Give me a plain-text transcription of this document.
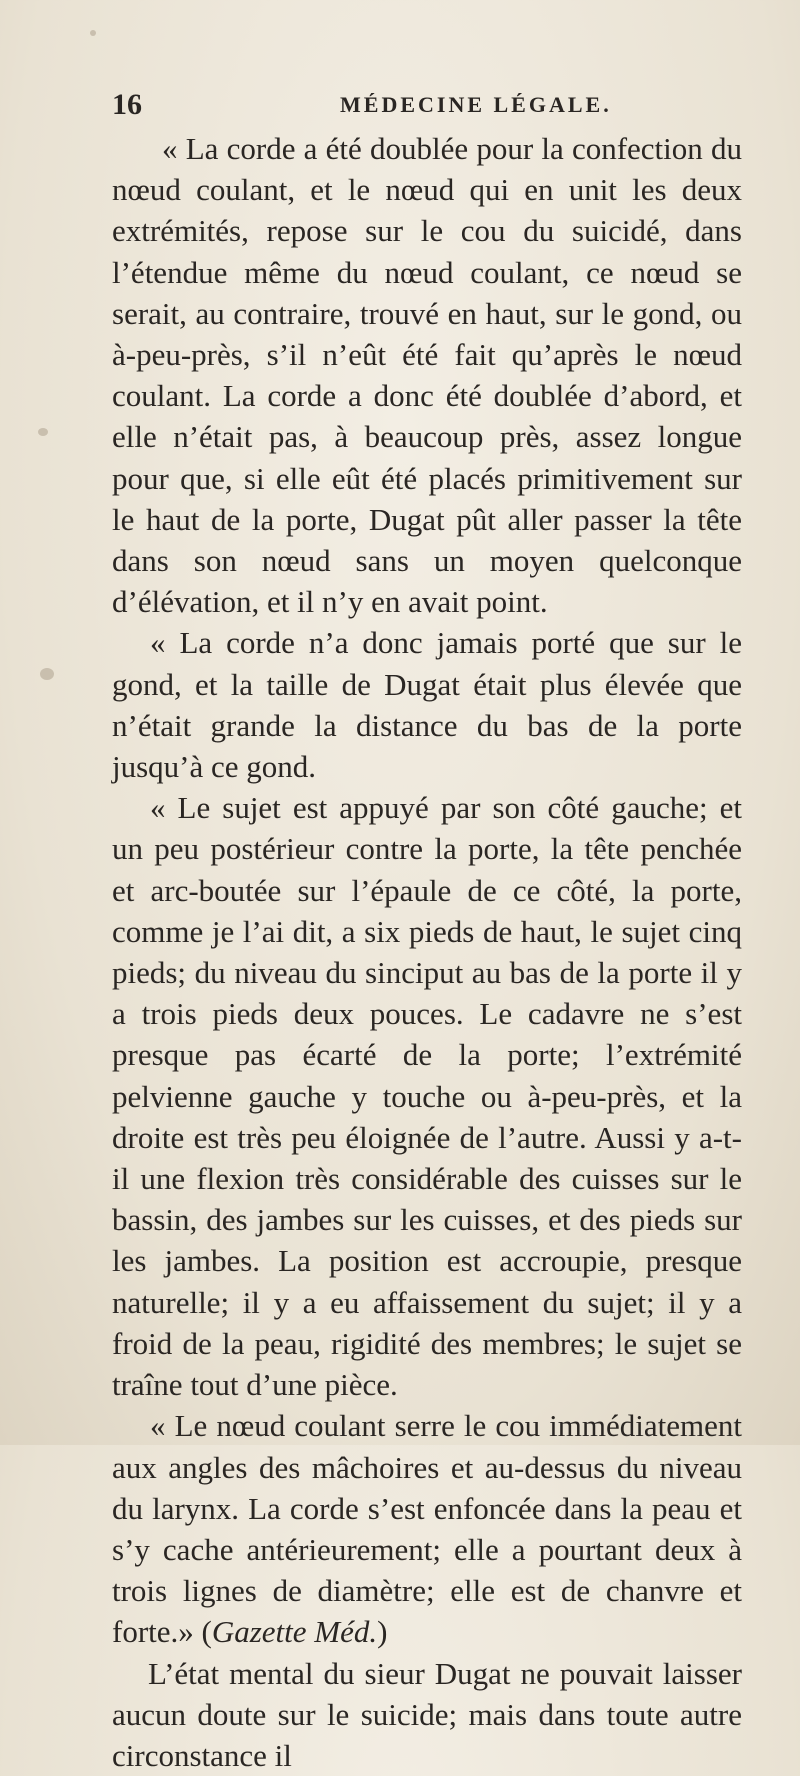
16	MÉDECINE LÉGALE.

« La corde a été doublée pour la confection du nœud coulant, et le nœud qui en unit les deux extrémités, repose sur le cou du suicidé, dans l’étendue même du nœud coulant, ce nœud se serait, au contraire, trouvé en haut, sur le gond, ou à-peu-près, s’il n’eût été fait qu’après le nœud coulant. La corde a donc été doublée d’abord, et elle n’était pas, à beaucoup près, assez longue pour que, si elle eût été placés primitivement sur le haut de la porte, Dugat pût aller passer la tête dans son nœud sans un moyen quelconque d’élévation, et il n’y en avait point.

« La corde n’a donc jamais porté que sur le gond, et la taille de Dugat était plus élevée que n’était grande la distance du bas de la porte jusqu’à ce gond.

« Le sujet est appuyé par son côté gauche; et un peu postérieur contre la porte, la tête penchée et arc-boutée sur l’épaule de ce côté, la porte, comme je l’ai dit, a six pieds de haut, le sujet cinq pieds; du niveau du sinciput au bas de la porte il y a trois pieds deux pouces. Le cadavre ne s’est presque pas écarté de la porte; l’extrémité pelvienne gauche y touche ou à-peu-près, et la droite est très peu éloignée de l’autre. Aussi y a-t-il une flexion très considérable des cuisses sur le bassin, des jambes sur les cuisses, et des pieds sur les jambes. La position est accroupie, presque naturelle; il y a eu affaissement du sujet; il y a froid de la peau, rigidité des membres; le sujet se traîne tout d’une pièce.

« Le nœud coulant serre le cou immédiatement aux angles des mâchoires et au-dessus du niveau du larynx. La corde s’est enfoncée dans la peau et s’y cache antérieurement; elle a pourtant deux à trois lignes de diamètre; elle est de chanvre et forte.» (Gazette Méd.)

L’état mental du sieur Dugat ne pouvait laisser aucun doute sur le suicide; mais dans toute autre circonstance il
